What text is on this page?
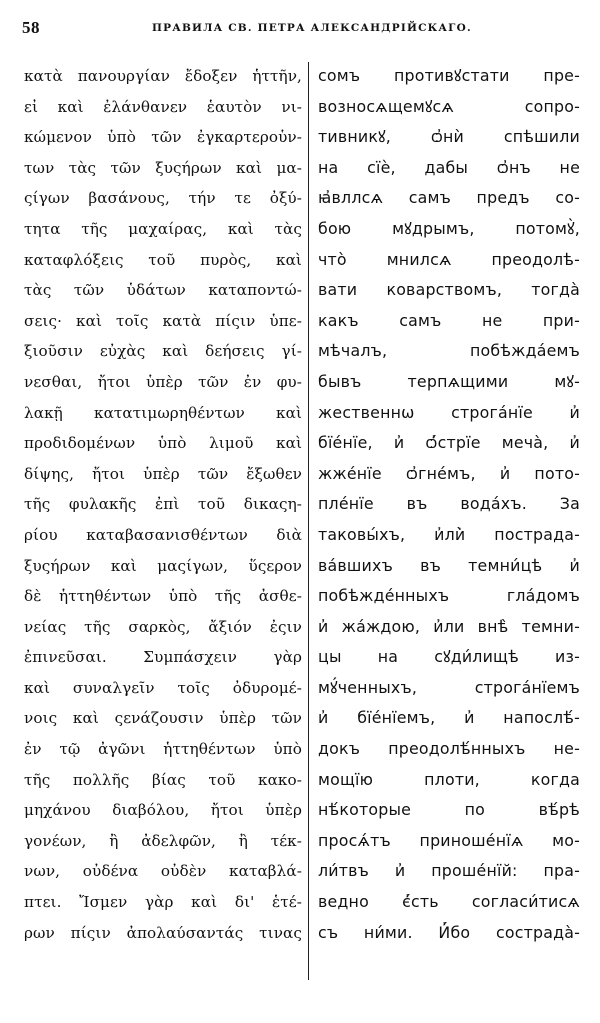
58	ПРАВИЛА СВ. ПЕТРА АЛЕКСАНДРІЙСКАГО.
κατὰ πανουργίαν ἔδοξεν ἡττῆν,
εἰ καὶ ἐλάνθανεν ἑαυτὸν νι-
κώμενον ὑπὸ τῶν ἐγκαρτεροὑν-
των τὰς τῶν ξυςήρων καὶ μα-
ςίγων βασάνους, τήν τε ὀξύ-
τητα τῆς μαχαίρας, καὶ τὰς
καταφλόξεις τοῦ πυρὸς, καὶ
τὰς τῶν ὑδάτων καταποντώ-
σεις· καὶ τοῖς κατὰ πίςιν ὑπε-
ξιοῦσιν εὐχὰς καὶ δεήσεις γί-
νεσθαι, ἤτοι ὑπὲρ τῶν ἐν φυ-
λακῇ κατατιμωρηθέντων καὶ
προδιδομένων ὑπὸ λιμοῦ καὶ
δίψης, ἤτοι ὑπὲρ τῶν ἔξωθεν
τῆς φυλακῆς ἐπὶ τοῦ δικαςη-
ρίου καταβασανισθέντων διὰ
ξυςήρων καὶ μαςίγων, ὕςερον
δὲ ἡττηθέντων ὑπὸ τῆς ἀσθε-
νείας τῆς σαρκὸς, ἄξιόν ἐςιν
ἐπινεῦσαι. Συμπάσχειν γὰρ
καὶ συναλγεῖν τοῖς ὀδυρομέ-
νοις καὶ ςενάζουσιν ὑπὲρ τῶν
ἐν τῷ ἀγῶνι ἡττηθέντων ὑπὸ
τῆς πολλῆς βίας τοῦ κακο-
μηχάνου διαβόλου, ἤτοι ὑπὲρ
γονέων, ἢ ἀδελφῶν, ἢ τέκ-
νων, οὐδένα οὐδὲν καταβλά-
πτει. Ἴσμεν γὰρ καὶ δι' ἑτέ-
ρων πίςιν ἀπολαύσαντάς τινας
сомъ противꙋстати пре-
возносѧщемꙋсѧ сопро-
тивникꙋ, ѻ҆нѝ спѣшили
на сїѐ, дабы ѻ҆нъ не
ꙗ҆вллсѧ самъ предъ со-
бою мꙋдрымъ, потомꙋ̀,
что̀ мнилсѧ преодолѣ-
вати коварствомъ, тогда̀
какъ самъ не при-
мѣчалъ, побѣжда́емъ
бывъ терпѧщими мꙋ-
жественнѡ строга́нїе и҆
бїе́нїе, и҆ ѻ҆́стрїе меча̀, и҆
жже́нїе ѻ҆гне́мъ, и҆ пото-
пле́нїе въ вода́хъ. За
таковы́хъ, и҆ли̇̀ пострада-
ва́вшихъ въ темни́цѣ и҆
побѣжде́нныхъ гла́домъ
и҆ жа́ждою, и҆ли внѣ̀ темни-
цы на сꙋди́лищѣ из-
мꙋ́ченныхъ, строга́нїемъ
и҆ бїе́нїемъ, и҆ напослѣ́-
докъ преодолѣ́нныхъ не-
мощїю плоти, когда
нѣ́которые по вѣ́рѣ
просѧ́тъ приноше́нїѧ мо-
ли́твъ и҆ проше́нїй: пра-
ведно є҆́сть согласи́тисѧ
съ ни́ми. И҆́бо сострада̀-
